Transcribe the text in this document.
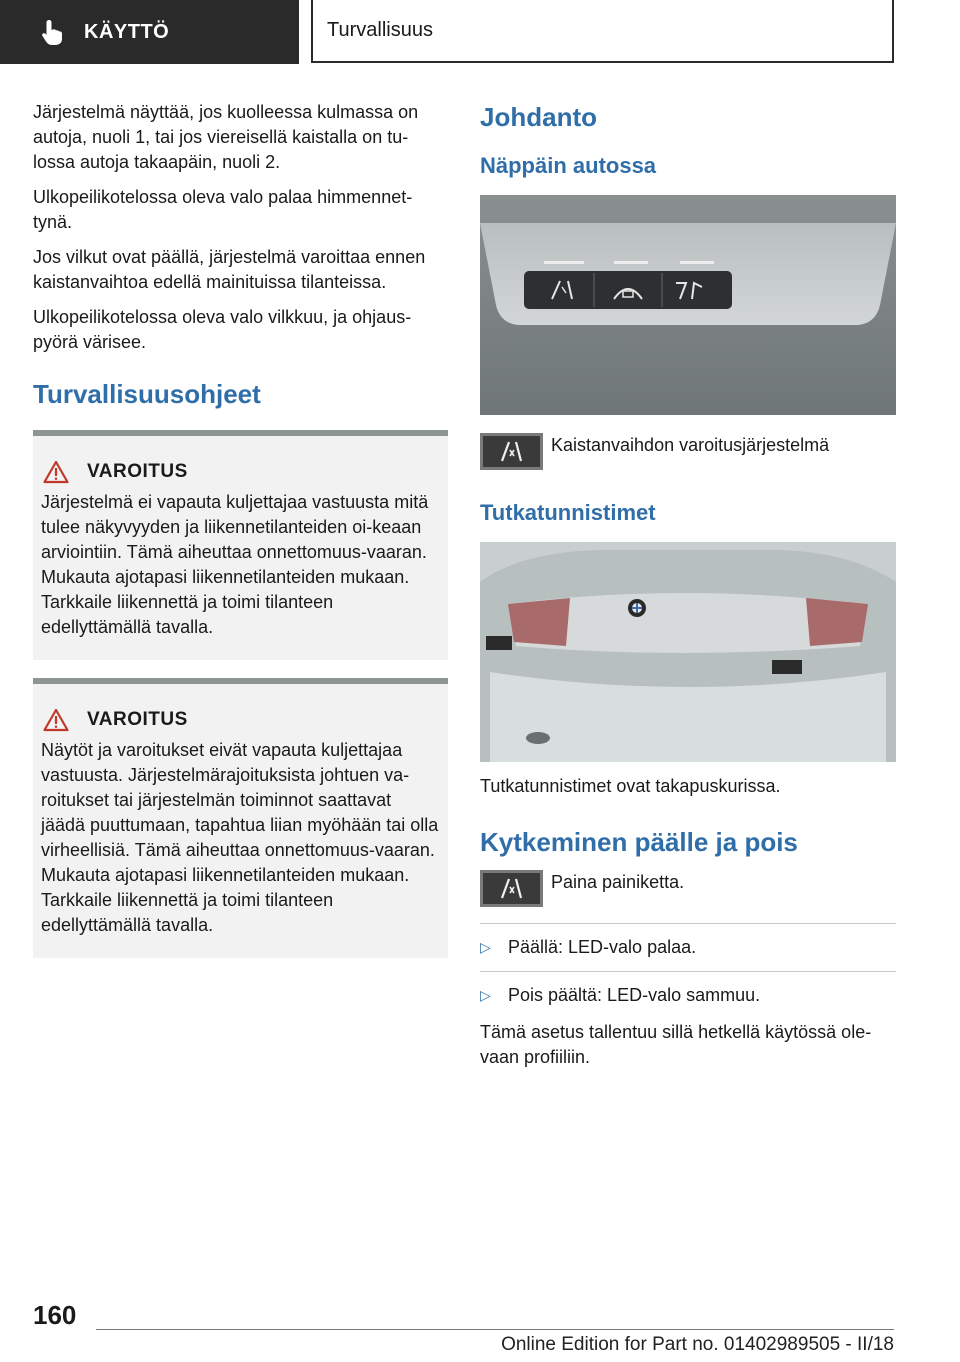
KÄYTTÖ	Turvallisuus

Järjestelmä näyttää, jos kuolleessa kulmassa on autoja, nuoli 1, tai jos viereisellä kaistalla on tu-lossa autoja takaapäin, nuoli 2.

Ulkopeilikotelossa oleva valo palaa himmennet-tynä.

Jos vilkut ovat päällä, järjestelmä varoittaa ennen kaistanvaihtoa edellä mainituissa tilanteissa.

Ulkopeilikotelossa oleva valo vilkkuu, ja ohjaus-pyörä värisee.

Turvallisuusohjeet
VAROITUS

Järjestelmä ei vapauta kuljettajaa vastuusta mitä tulee näkyvyyden ja liikennetilanteiden oi-keaan arviointiin. Tämä aiheuttaa onnettomuus-vaaran. Mukauta ajotapasi liikennetilanteiden mukaan. Tarkkaile liikennettä ja toimi tilanteen edellyttämällä tavalla.

VAROITUS

Näytöt ja varoitukset eivät vapauta kuljettajaa vastuusta. Järjestelmärajoituksista johtuen va-roitukset tai järjestelmän toiminnot saattavat jäädä puuttumaan, tapahtua liian myöhään tai olla virheellisiä. Tämä aiheuttaa onnettomuus-vaaran. Mukauta ajotapasi liikennetilanteiden mukaan. Tarkkaile liikennettä ja toimi tilanteen edellyttämällä tavalla.

Johdanto
Näppäin autossa
Kaistanvaihdon varoitusjärjestelmä
Tutkatunnistimet

Tutkatunnistimet ovat takapuskurissa.

Kytkeminen päälle ja pois
Paina painiketta.
▷ Päällä: LED-valo palaa.
▷ Pois päältä: LED-valo sammuu.

Tämä asetus tallentuu sillä hetkellä käytössä ole-vaan profiiliin.

160
Online Edition for Part no. 01402989505 - II/18
